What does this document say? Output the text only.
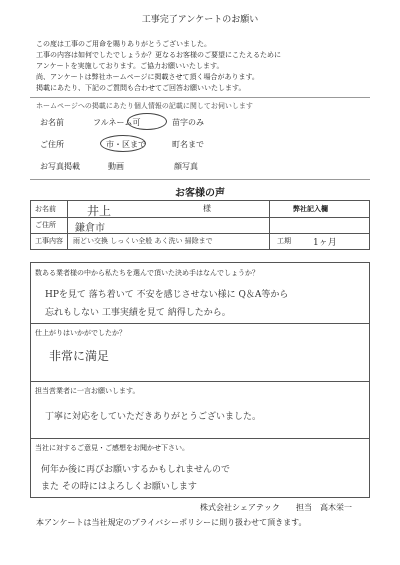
工事完了アンケートのお願い
この度は工事のご用命を賜りありがとうございました。
工事の内容は如何でしたでしょうか？更なるお客様のご要望にこたえるために
アンケートを実施しております。ご協力お願いいたします。
尚、アンケートは弊社ホームページに掲載させて頂く場合があります。
掲載にあたり、下記のご質問も合わせてご回答お願いいたします。
ホームページへの掲載にあたり個人情報の記載に関してお伺いします
お名前	フルネーム可	苗字のみ
ご住所	市・区まで	町名まで
お写真掲載	動画	顔写真
お客様の声
お名前	井上	様	弊社記入欄
ご住所 鎌倉市
工事内容 雨どい交換 しっくい全般 あく洗い 掃除まで	工期 1ヶ月
数ある業者様の中から私たちを選んで頂いた決め手はなんでしょうか？
HPを見て 落ち着いて 不安を感じさせない様に Q＆A等から
忘れもしない 工事実績を見て 納得したから。
仕上がりはいかがでしたか？
非常に満足
担当営業者に一言お願いします。
丁寧に対応をしていただきありがとうございました。
当社に対するご意見・ご感想をお聞かせ下さい。
何年か後に再びお願いするかもしれませんので
また その時にはよろしくお願いします
株式会社シェアテック 担当　高木栄一
本アンケートは当社規定のプライバシーポリシーに則り扱わせて頂きます。
